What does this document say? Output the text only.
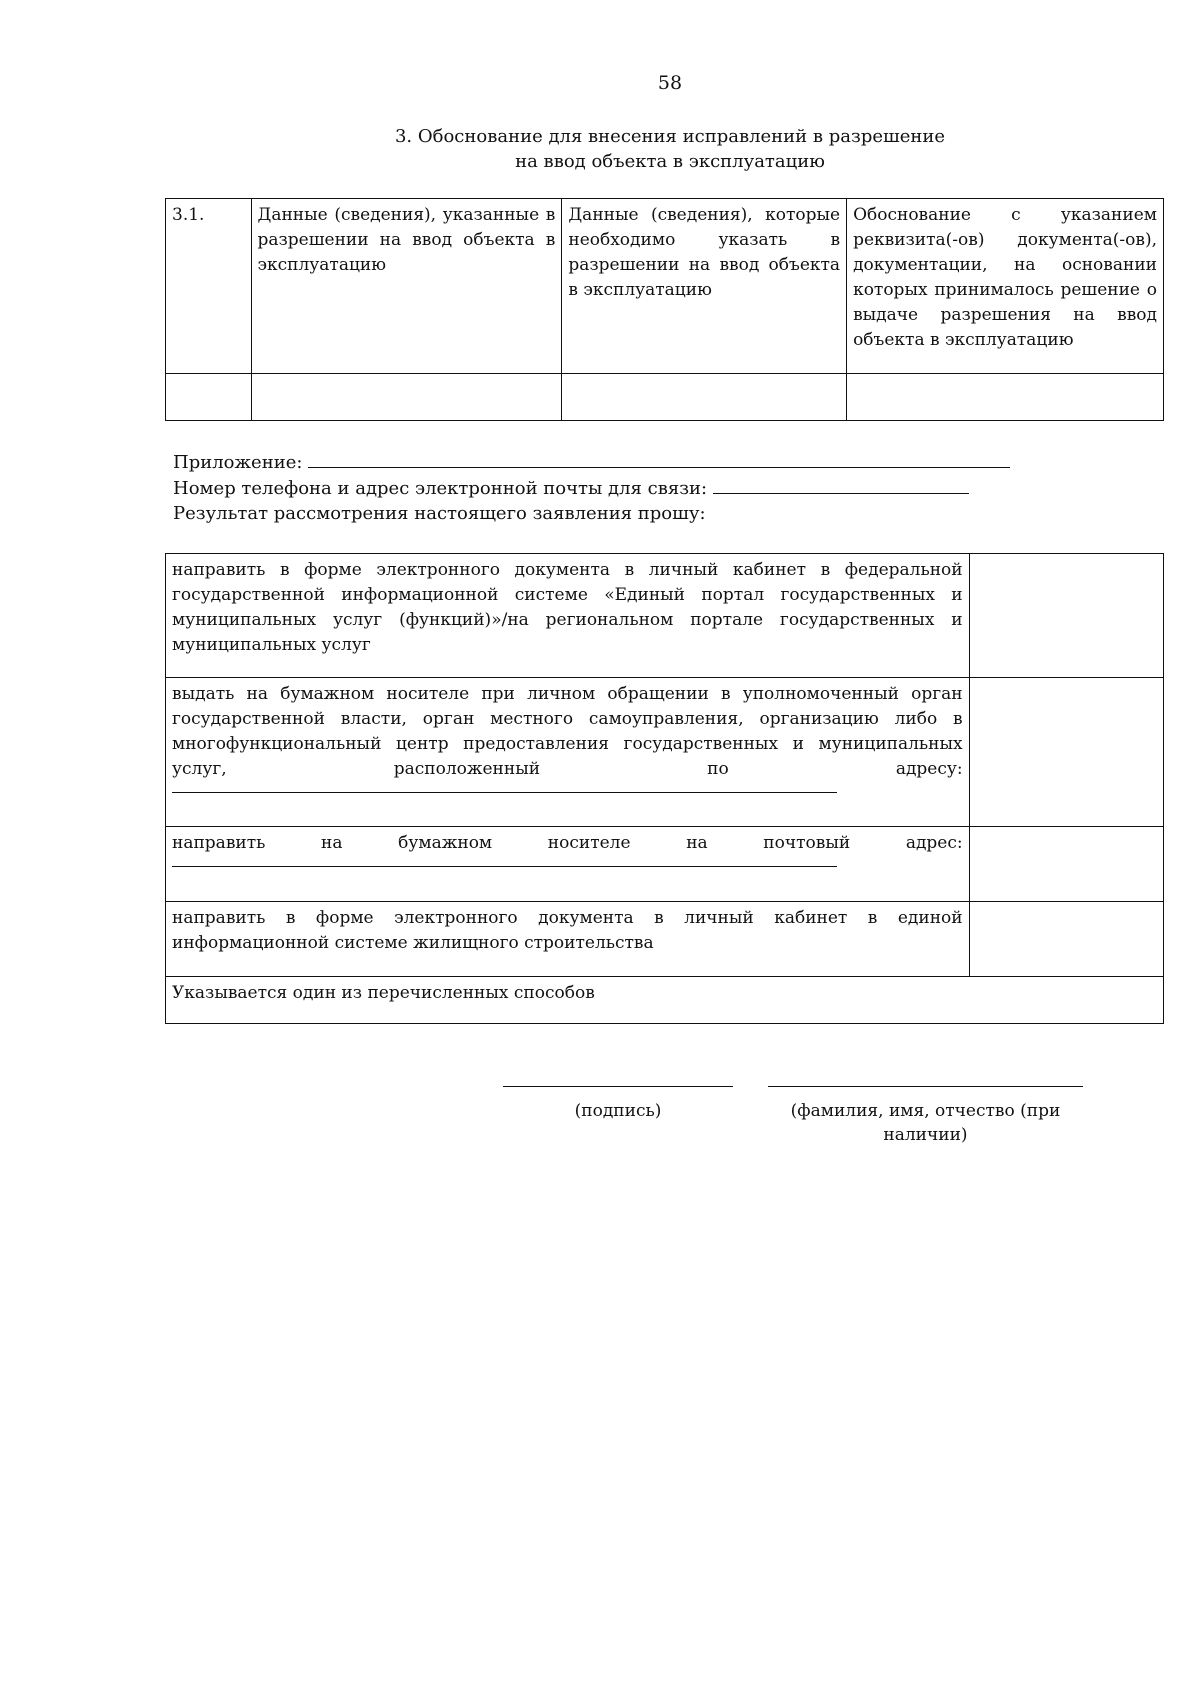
58
3. Обоснование для внесения исправлений в разрешение
на ввод объекта в эксплуатацию
3.1.	Данные (сведения), указанные в разрешении на ввод объекта в эксплуатацию	Данные (сведения), которые необходимо указать в разрешении на ввод объекта в эксплуатацию	Обоснование с указанием реквизита(-ов) документа(-ов), документации, на основании которых принималось решение о выдаче разрешения на ввод объекта в эксплуатацию

Приложение:
Номер телефона и адрес электронной почты для связи:
Результат рассмотрения настоящего заявления прошу:
направить в форме электронного документа в личный кабинет в федеральной государственной информационной системе «Единый портал государственных и муниципальных услуг (функций)»/на региональном портале государственных и муниципальных услуг	

выдать на бумажном носителе при личном обращении в уполномоченный орган государственной власти, орган местного самоуправления, организацию либо в многофункциональный центр предоставления государственных и муниципальных услуг, расположенный по адресу:	

направить на бумажном носителе на почтовый адрес:	

направить в форме электронного документа в личный кабинет в единой информационной системе жилищного строительства	
Указывается один из перечисленных способов	
(подпись)	(фамилия, имя, отчество (при
наличии)
